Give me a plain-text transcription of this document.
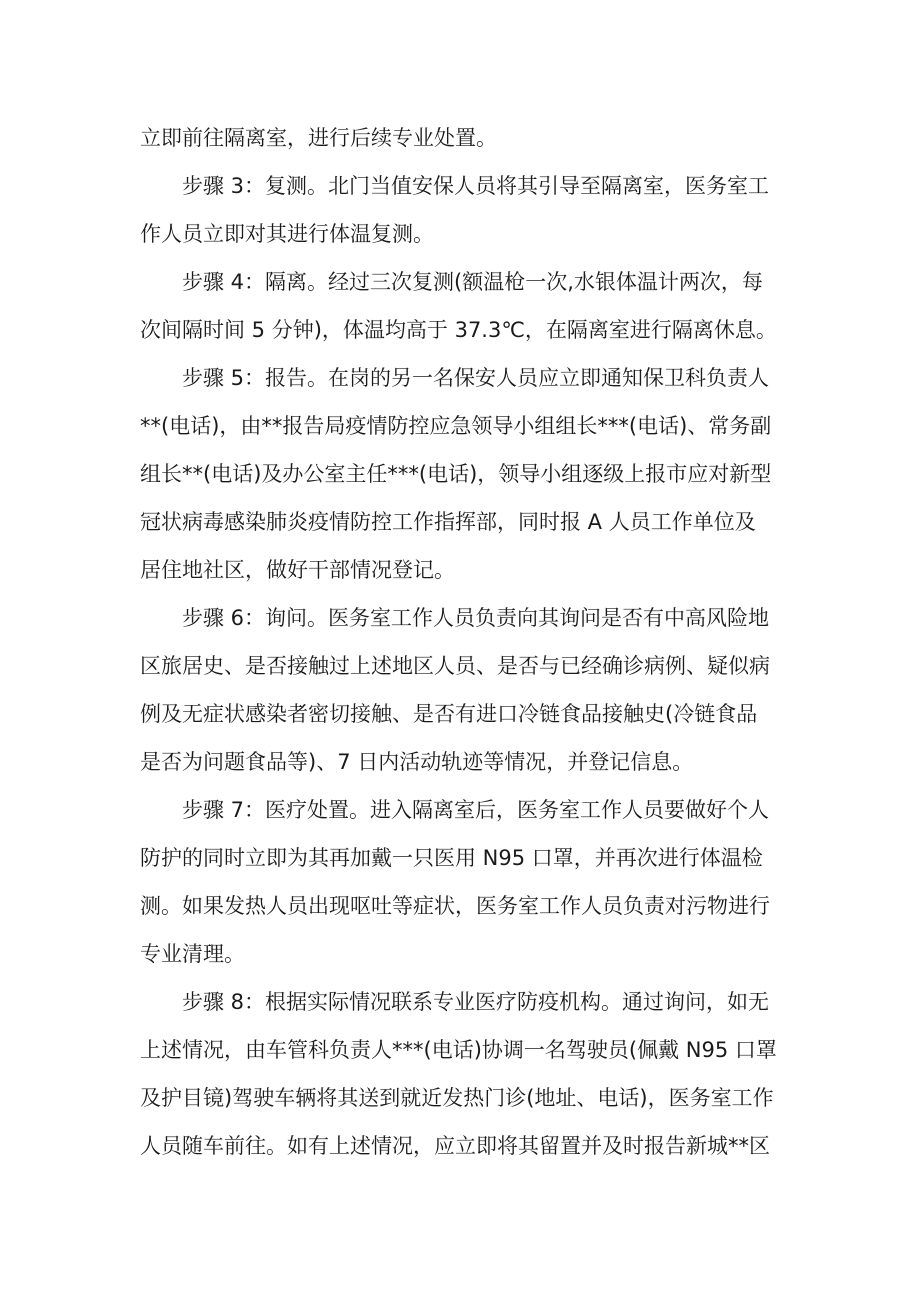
立即前往隔离室，进行后续专业处置。
步骤 3：复测。北门当值安保人员将其引导至隔离室，医务室工
作人员立即对其进行体温复测。
步骤 4：隔离。经过三次复测(额温枪一次,水银体温计两次，每
次间隔时间 5 分钟)，体温均高于 37.3℃，在隔离室进行隔离休息。
步骤 5：报告。在岗的另一名保安人员应立即通知保卫科负责人
**(电话)，由**报告局疫情防控应急领导小组组长***(电话)、常务副
组长**(电话)及办公室主任***(电话)，领导小组逐级上报市应对新型
冠状病毒感染肺炎疫情防控工作指挥部，同时报 A 人员工作单位及
居住地社区，做好干部情况登记。
步骤 6：询问。医务室工作人员负责向其询问是否有中高风险地
区旅居史、是否接触过上述地区人员、是否与已经确诊病例、疑似病
例及无症状感染者密切接触、是否有进口冷链食品接触史(冷链食品
是否为问题食品等)、7 日内活动轨迹等情况，并登记信息。
步骤 7：医疗处置。进入隔离室后，医务室工作人员要做好个人
防护的同时立即为其再加戴一只医用 N95 口罩，并再次进行体温检
测。如果发热人员出现呕吐等症状，医务室工作人员负责对污物进行
专业清理。
步骤 8：根据实际情况联系专业医疗防疫机构。通过询问，如无
上述情况，由车管科负责人***(电话)协调一名驾驶员(佩戴 N95 口罩
及护目镜)驾驶车辆将其送到就近发热门诊(地址、电话)，医务室工作
人员随车前往。如有上述情况，应立即将其留置并及时报告新城**区
